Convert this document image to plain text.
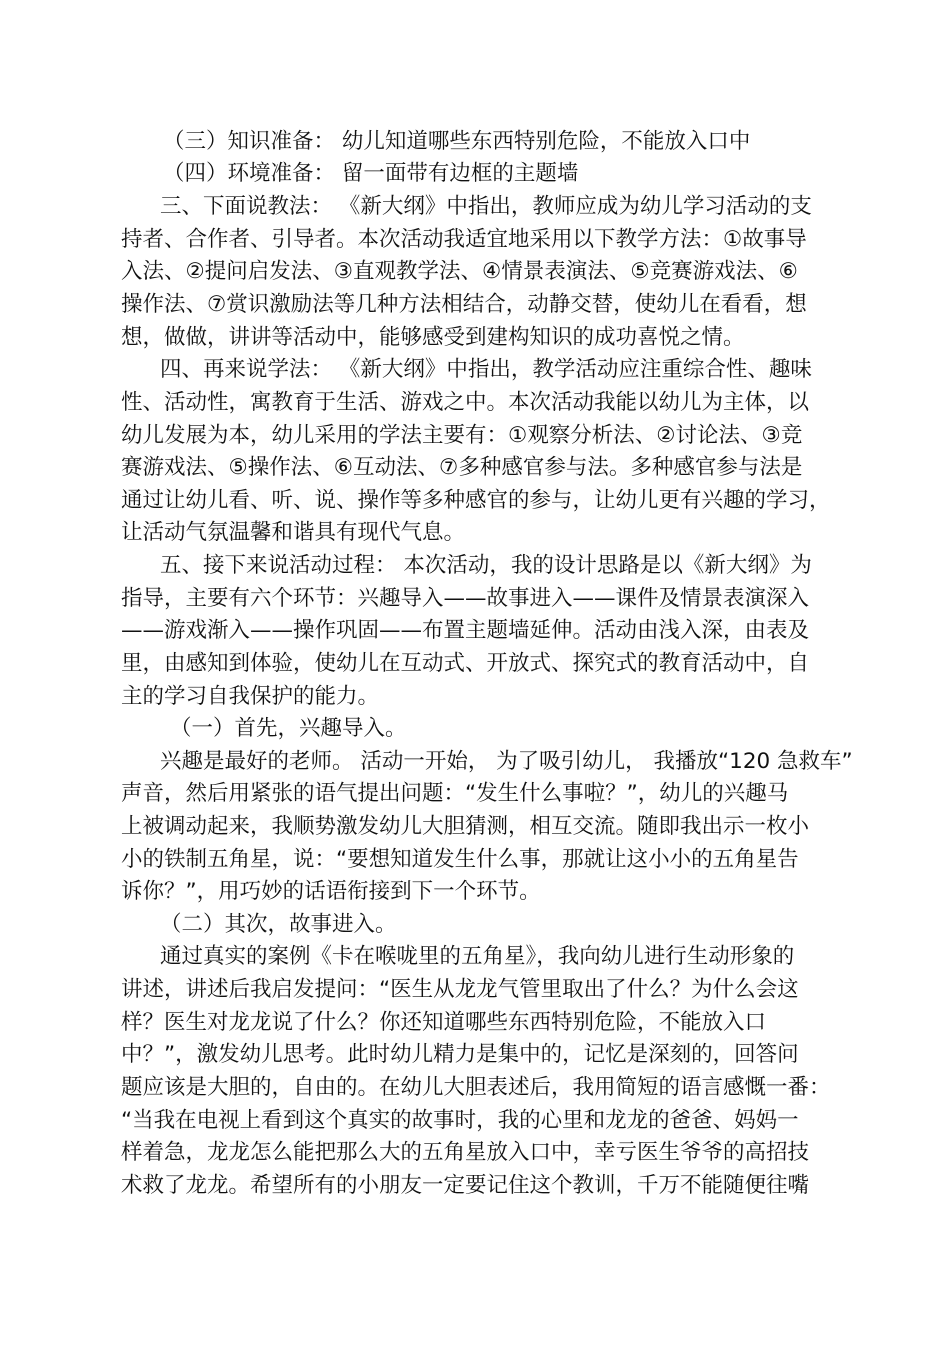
（三）知识准备： 幼儿知道哪些东西特别危险，不能放入口中
（四）环境准备： 留一面带有边框的主题墙
三、下面说教法： 《新大纲》中指出，教师应成为幼儿学习活动的支
持者、合作者、引导者。本次活动我适宜地采用以下教学方法：①故事导
入法、②提问启发法、③直观教学法、④情景表演法、⑤竞赛游戏法、⑥
操作法、⑦赏识激励法等几种方法相结合，动静交替，使幼儿在看看，想
想，做做，讲讲等活动中，能够感受到建构知识的成功喜悦之情。
四、再来说学法： 《新大纲》中指出，教学活动应注重综合性、趣味
性、活动性，寓教育于生活、游戏之中。本次活动我能以幼儿为主体，以
幼儿发展为本，幼儿采用的学法主要有：①观察分析法、②讨论法、③竞
赛游戏法、⑤操作法、⑥互动法、⑦多种感官参与法。多种感官参与法是
通过让幼儿看、听、说、操作等多种感官的参与，让幼儿更有兴趣的学习，
让活动气氛温馨和谐具有现代气息。
五、接下来说活动过程： 本次活动，我的设计思路是以《新大纲》为
指导，主要有六个环节：兴趣导入——故事进入——课件及情景表演深入
——游戏渐入——操作巩固——布置主题墙延伸。活动由浅入深，由表及
里，由感知到体验，使幼儿在互动式、开放式、探究式的教育活动中，自
主的学习自我保护的能力。
（一）首先，兴趣导入。
兴趣是最好的老师。 活动一开始， 为了吸引幼儿， 我播放“120 急救车”
声音，然后用紧张的语气提出问题：“发生什么事啦？”，幼儿的兴趣马
上被调动起来，我顺势激发幼儿大胆猜测，相互交流。随即我出示一枚小
小的铁制五角星，说：“要想知道发生什么事，那就让这小小的五角星告
诉你？”，用巧妙的话语衔接到下一个环节。
（二）其次，故事进入。
通过真实的案例《卡在喉咙里的五角星》，我向幼儿进行生动形象的
讲述，讲述后我启发提问：“医生从龙龙气管里取出了什么？为什么会这
样？医生对龙龙说了什么？你还知道哪些东西特别危险，不能放入口
中？”，激发幼儿思考。此时幼儿精力是集中的，记忆是深刻的，回答问
题应该是大胆的，自由的。在幼儿大胆表述后，我用简短的语言感慨一番：
“当我在电视上看到这个真实的故事时，我的心里和龙龙的爸爸、妈妈一
样着急，龙龙怎么能把那么大的五角星放入口中，幸亏医生爷爷的高招技
术救了龙龙。希望所有的小朋友一定要记住这个教训，千万不能随便往嘴
